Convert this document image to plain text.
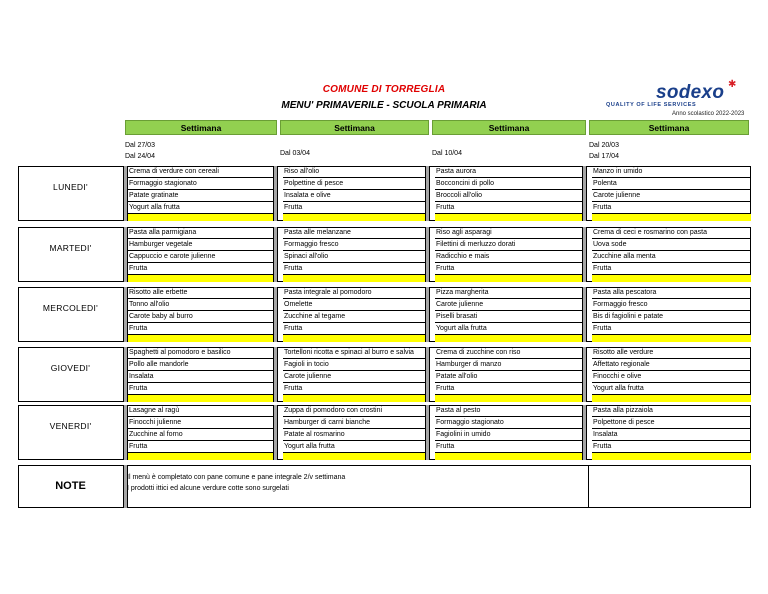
COMUNE DI TORREGLIA
MENU' PRIMAVERILE - SCUOLA PRIMARIA
sodexo ✱
QUALITY OF LIFE SERVICES
Anno scolastico 2022-2023
Settimana
Dal 27/03
Dal 24/04
Settimana
Dal 03/04
Settimana
Dal 10/04
Settimana
Dal 20/03
Dal 17/04
LUNEDI'
Crema di verdure con cereali
Formaggio stagionato
Patate gratinate
Yogurt alla frutta
Riso all'olio
Polpettine di pesce
Insalata e olive
Frutta
Pasta aurora
Bocconcini di pollo
Broccoli all'olio
Frutta
Manzo in umido
Polenta
Carote julienne
Frutta
MARTEDI'
Pasta alla parmigiana
Hamburger vegetale
Cappuccio e carote julienne
Frutta
Pasta alle melanzane
Formaggio fresco
Spinaci all'olio
Frutta
Riso agli asparagi
Filettini di merluzzo dorati
Radicchio e mais
Frutta
Crema di ceci e rosmarino con pasta
Uova sode
Zucchine alla menta
Frutta
MERCOLEDI'
Risotto alle erbette
Tonno all'olio
Carote baby al burro
Frutta
Pasta integrale al pomodoro
Omelette
Zucchine al tegame
Frutta
Pizza margherita
Carote julienne
Piselli brasati
Yogurt alla frutta
Pasta alla pescatora
Formaggio fresco
Bis di fagiolini e patate
Frutta
GIOVEDI'
Spaghetti al pomodoro e basilico
Pollo alle mandorle
Insalata
Frutta
Tortelloni ricotta e spinaci al burro e salvia
Fagioli in tocio
Carote julienne
Frutta
Crema di zucchine con riso
Hamburger di manzo
Patate all'olio
Frutta
Risotto alle verdure
Affettato regionale
Finocchi e olive
Yogurt alla frutta
VENERDI'
Lasagne al ragù
Finocchi julienne
Zucchine al forno
Frutta
Zuppa di pomodoro con crostini
Hamburger di carni bianche
Patate al rosmarino
Yogurt alla frutta
Pasta al pesto
Formaggio stagionato
Fagiolini in umido
Frutta
Pasta alla pizzaiola
Polpettone di pesce
Insalata
Frutta
NOTE
Il menù è completato con pane comune e pane integrale 2/v settimana
I prodotti ittici ed alcune verdure cotte sono surgelati
